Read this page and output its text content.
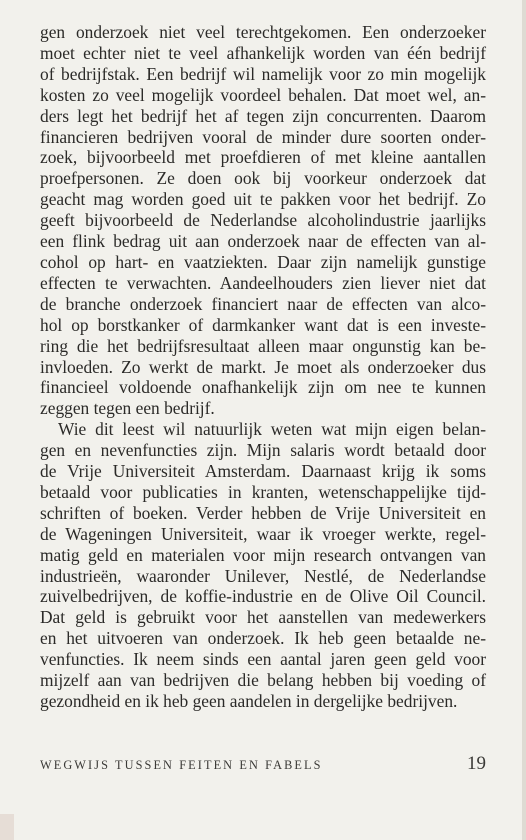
gen onderzoek niet veel terechtgekomen. Een onderzoeker
moet echter niet te veel afhankelijk worden van één bedrijf
of bedrijfstak. Een bedrijf wil namelijk voor zo min mogelijk
kosten zo veel mogelijk voordeel behalen. Dat moet wel, an-
ders legt het bedrijf het af tegen zijn concurrenten. Daarom
financieren bedrijven vooral de minder dure soorten onder-
zoek, bijvoorbeeld met proefdieren of met kleine aantallen
proefpersonen. Ze doen ook bij voorkeur onderzoek dat
geacht mag worden goed uit te pakken voor het bedrijf. Zo
geeft bijvoorbeeld de Nederlandse alcoholindustrie jaarlijks
een flink bedrag uit aan onderzoek naar de effecten van al-
cohol op hart- en vaatziekten. Daar zijn namelijk gunstige
effecten te verwachten. Aandeelhouders zien liever niet dat
de branche onderzoek financiert naar de effecten van alco-
hol op borstkanker of darmkanker want dat is een investe-
ring die het bedrijfsresultaat alleen maar ongunstig kan be-
invloeden. Zo werkt de markt. Je moet als onderzoeker dus
financieel voldoende onafhankelijk zijn om nee te kunnen
zeggen tegen een bedrijf.
Wie dit leest wil natuurlijk weten wat mijn eigen belan-
gen en nevenfuncties zijn. Mijn salaris wordt betaald door
de Vrije Universiteit Amsterdam. Daarnaast krijg ik soms
betaald voor publicaties in kranten, wetenschappelijke tijd-
schriften of boeken. Verder hebben de Vrije Universiteit en
de Wageningen Universiteit, waar ik vroeger werkte, regel-
matig geld en materialen voor mijn research ontvangen van
industrieën, waaronder Unilever, Nestlé, de Nederlandse
zuivelbedrijven, de koffie-industrie en de Olive Oil Council.
Dat geld is gebruikt voor het aanstellen van medewerkers
en het uitvoeren van onderzoek. Ik heb geen betaalde ne-
venfuncties. Ik neem sinds een aantal jaren geen geld voor
mijzelf aan van bedrijven die belang hebben bij voeding of
gezondheid en ik heb geen aandelen in dergelijke bedrijven.
WEGWIJS TUSSEN FEITEN EN FABELS	19
